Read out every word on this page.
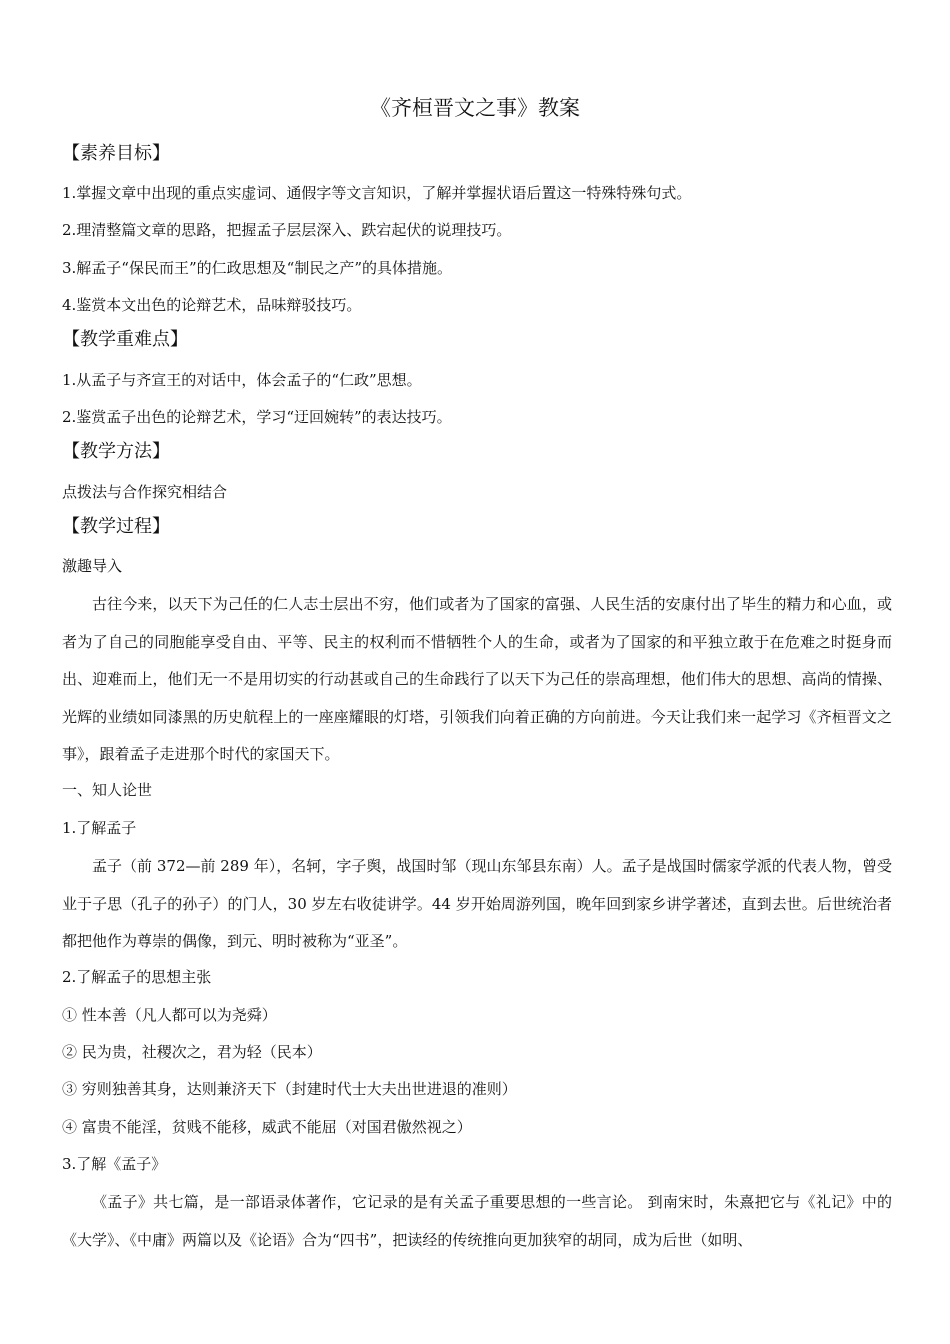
《齐桓晋文之事》教案
【素养目标】
1.掌握文章中出现的重点实虚词、通假字等文言知识，了解并掌握状语后置这一特殊特殊句式。
2.理清整篇文章的思路，把握孟子层层深入、跌宕起伏的说理技巧。
3.解孟子“保民而王”的仁政思想及“制民之产”的具体措施。
4.鉴赏本文出色的论辩艺术，品味辩驳技巧。
【教学重难点】
1.从孟子与齐宣王的对话中，体会孟子的“仁政”思想。
2.鉴赏孟子出色的论辩艺术，学习“迂回婉转”的表达技巧。
【教学方法】
点拨法与合作探究相结合
【教学过程】
激趣导入
古往今来，以天下为己任的仁人志士层出不穷，他们或者为了国家的富强、人民生活的安康付出了毕生的精力和心血，或者为了自己的同胞能享受自由、平等、民主的权利而不惜牺牲个人的生命，或者为了国家的和平独立敢于在危难之时挺身而出、迎难而上，他们无一不是用切实的行动甚或自己的生命践行了以天下为己任的崇高理想，他们伟大的思想、高尚的情操、光辉的业绩如同漆黑的历史航程上的一座座耀眼的灯塔，引领我们向着正确的方向前进。今天让我们来一起学习《齐桓晋文之事》，跟着孟子走进那个时代的家国天下。
一、知人论世
1.了解孟子
孟子（前 372—前 289 年），名轲，字子舆，战国时邹（现山东邹县东南）人。孟子是战国时儒家学派的代表人物，曾受业于子思（孔子的孙子）的门人，30 岁左右收徒讲学。44 岁开始周游列国，晚年回到家乡讲学著述，直到去世。后世统治者都把他作为尊崇的偶像，到元、明时被称为“亚圣”。
2.了解孟子的思想主张
① 性本善（凡人都可以为尧舜）
② 民为贵，社稷次之，君为轻（民本）
③ 穷则独善其身，达则兼济天下（封建时代士大夫出世进退的准则）
④ 富贵不能淫，贫贱不能移，威武不能屈（对国君傲然视之）
3.了解《孟子》
《孟子》共七篇，是一部语录体著作，它记录的是有关孟子重要思想的一些言论。 到南宋时，朱熹把它与《礼记》中的《大学》、《中庸》两篇以及《论语》合为“四书”，把读经的传统推向更加狭窄的胡同，成为后世（如明、
